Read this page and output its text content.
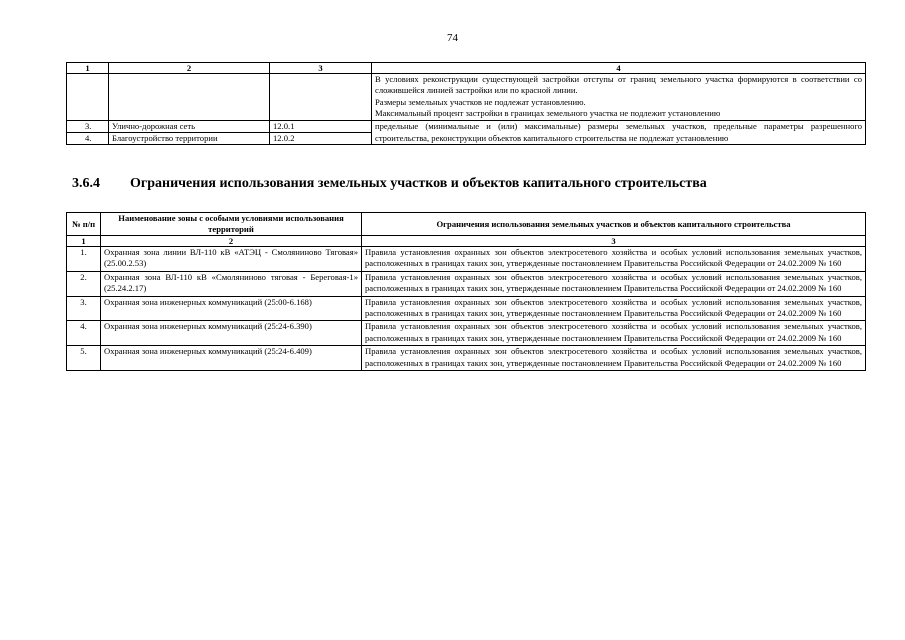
74
1	2	3	4

			В условиях реконструкции существующей застройки отступы от границ земельного участка формируются в соответствии со сложившейся линией застройки или по красной линии.
Размеры земельных участков не подлежат установлению.
Максимальный процент застройки в границах земельного участка не подлежит установлению

3.	Улично-дорожная сеть	12.0.1	предельные (минимальные и (или) максимальные) размеры земельных участков, предельные параметры разрешенного строительства, реконструкции объектов капитального строительства не подлежат установлению
4.	Благоустройство территории	12.0.2	
3.6.4 Ограничения использования земельных участков и объектов капитального строительства
№ п/п	Наименование зоны с особыми условиями использования территорий	Ограничения использования земельных участков и объектов капитального строительства
1	2	3
1.	Охранная зона линии ВЛ-110 кВ «АТЭЦ - Смоляниново Тяговая» (25.00.2.53)	Правила установления охранных зон объектов электросетевого хозяйства и особых условий использования земельных участков, расположенных в границах таких зон, утвержденные постановлением Правительства Российской Федерации от 24.02.2009 № 160
2.	Охранная зона ВЛ-110 кВ «Смоляниново тяговая - Береговая-1» (25.24.2.17)	Правила установления охранных зон объектов электросетевого хозяйства и особых условий использования земельных участков, расположенных в границах таких зон, утвержденные постановлением Правительства Российской Федерации от 24.02.2009 № 160
3.	Охранная зона инженерных коммуникаций (25:00-6.168)	Правила установления охранных зон объектов электросетевого хозяйства и особых условий использования земельных участков, расположенных в границах таких зон, утвержденные постановлением Правительства Российской Федерации от 24.02.2009 № 160
4.	Охранная зона инженерных коммуникаций (25:24-6.390)	Правила установления охранных зон объектов электросетевого хозяйства и особых условий использования земельных участков, расположенных в границах таких зон, утвержденные постановлением Правительства Российской Федерации от 24.02.2009 № 160
5.	Охранная зона инженерных коммуникаций (25:24-6.409)	Правила установления охранных зон объектов электросетевого хозяйства и особых условий использования земельных участков, расположенных в границах таких зон, утвержденные постановлением Правительства Российской Федерации от 24.02.2009 № 160
